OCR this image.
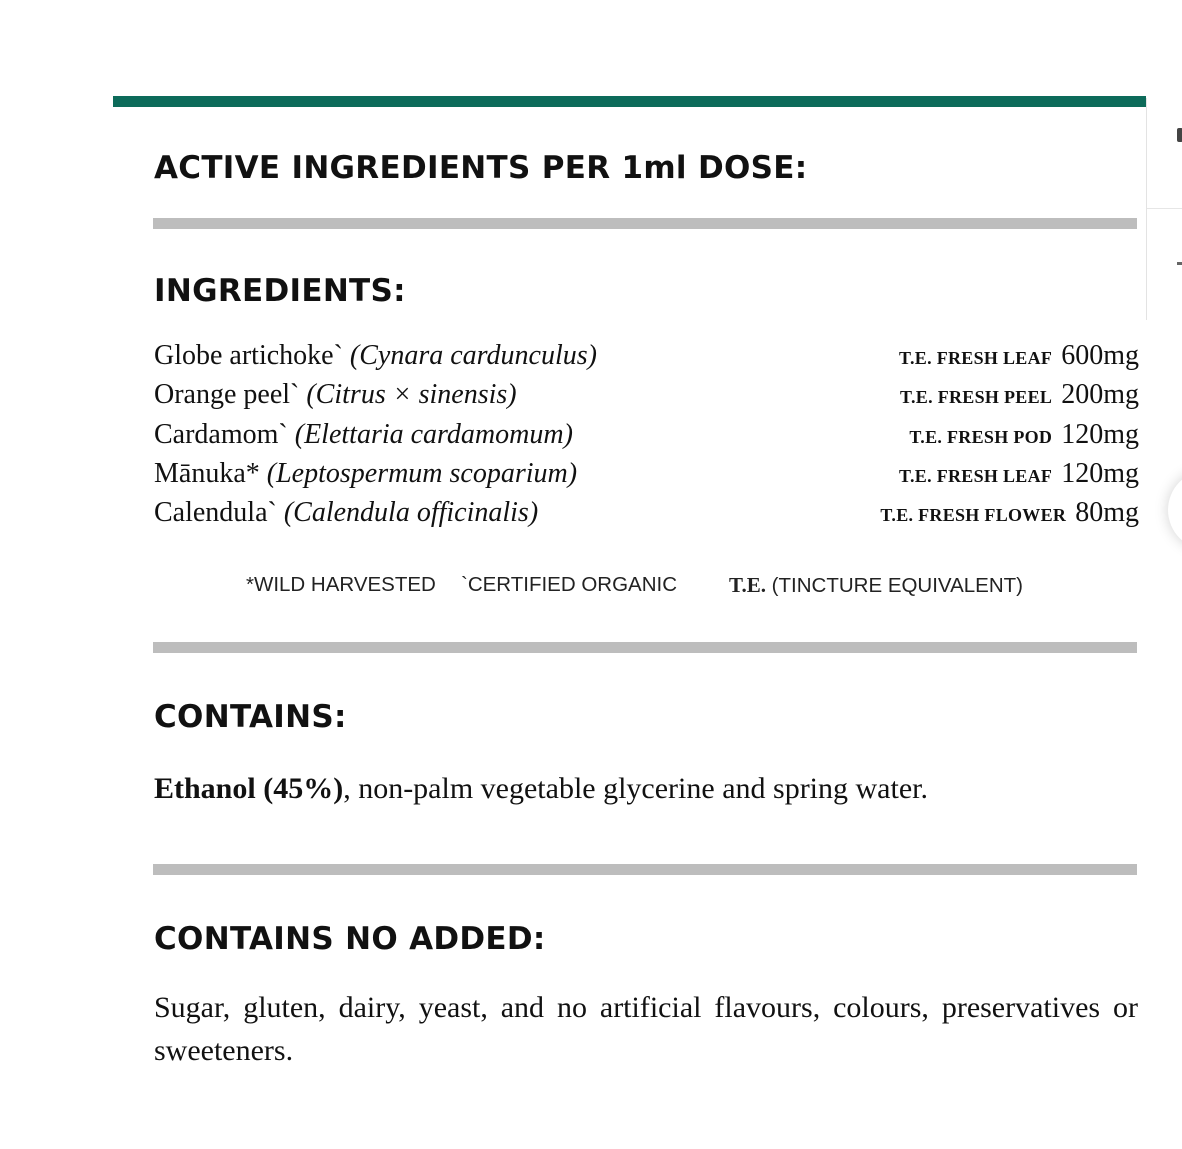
ACTIVE INGREDIENTS PER 1ml DOSE:
INGREDIENTS:
Globe artichoke` (Cynara cardunculus)	T.E. FRESH LEAF 600mg
Orange peel` (Citrus × sinensis)	T.E. FRESH PEEL 200mg
Cardamom` (Elettaria cardamomum)	T.E. FRESH POD 120mg
Mānuka* (Leptospermum scoparium)	T.E. FRESH LEAF 120mg
Calendula` (Calendula officinalis)	T.E. FRESH FLOWER 80mg
*WILD HARVESTED `CERTIFIED ORGANIC T.E. (TINCTURE EQUIVALENT)
CONTAINS:

Ethanol (45%), non-palm vegetable glycerine and spring water.

CONTAINS NO ADDED:

Sugar, gluten, dairy, yeast, and no artificial flavours, colours, preservatives or sweeteners.
